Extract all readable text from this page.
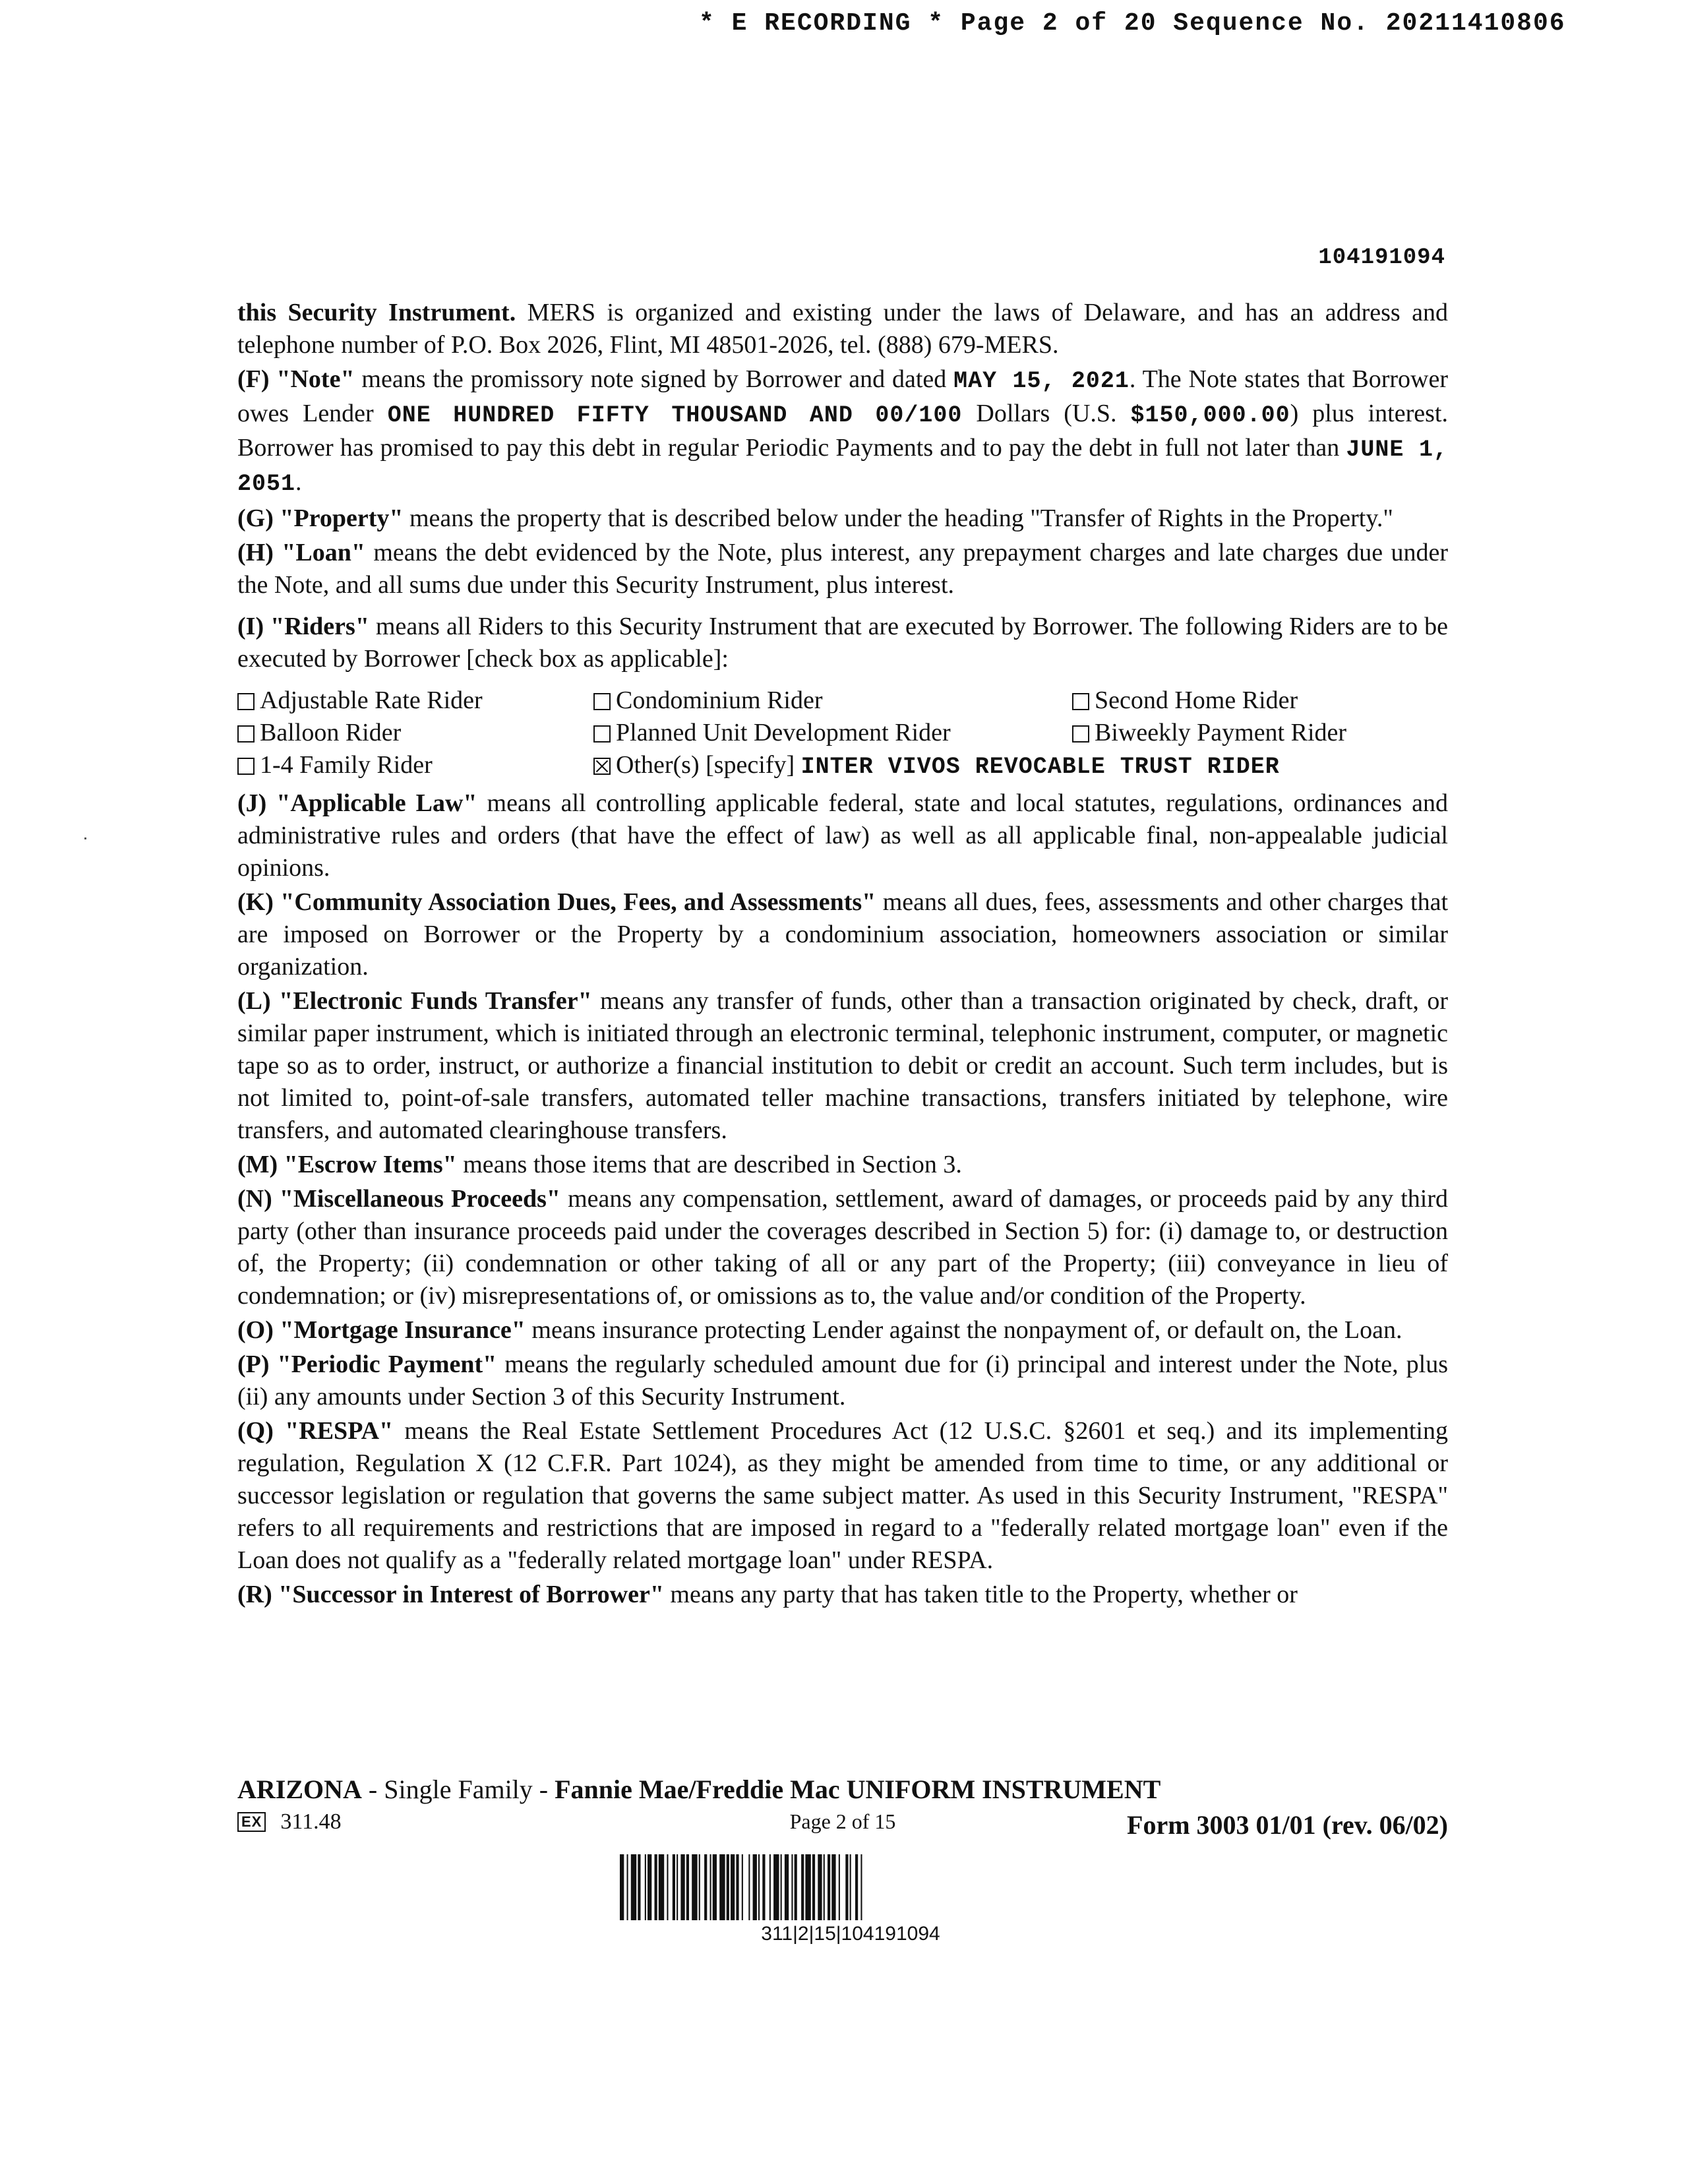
* E RECORDING * Page 2 of 20 Sequence No. 20211410806
104191094

this Security Instrument. MERS is organized and existing under the laws of Delaware, and has an address and telephone number of P.O. Box 2026, Flint, MI 48501-2026, tel. (888) 679-MERS.

(F) "Note" means the promissory note signed by Borrower and dated MAY 15, 2021. The Note states that Borrower owes Lender ONE HUNDRED FIFTY THOUSAND AND 00/100 Dollars (U.S. $150,000.00) plus interest. Borrower has promised to pay this debt in regular Periodic Payments and to pay the debt in full not later than JUNE 1, 2051.

(G) "Property" means the property that is described below under the heading "Transfer of Rights in the Property."

(H) "Loan" means the debt evidenced by the Note, plus interest, any prepayment charges and late charges due under the Note, and all sums due under this Security Instrument, plus interest.

(I) "Riders" means all Riders to this Security Instrument that are executed by Borrower. The following Riders are to be executed by Borrower [check box as applicable]:

Adjustable Rate Rider	Condominium Rider	Second Home Rider
Balloon Rider	Planned Unit Development Rider	Biweekly Payment Rider
1-4 Family Rider	Other(s) [specify] INTER VIVOS REVOCABLE TRUST RIDER

(J) "Applicable Law" means all controlling applicable federal, state and local statutes, regulations, ordinances and administrative rules and orders (that have the effect of law) as well as all applicable final, non-appealable judicial opinions.

(K) "Community Association Dues, Fees, and Assessments" means all dues, fees, assessments and other charges that are imposed on Borrower or the Property by a condominium association, homeowners association or similar organization.

(L) "Electronic Funds Transfer" means any transfer of funds, other than a transaction originated by check, draft, or similar paper instrument, which is initiated through an electronic terminal, telephonic instrument, computer, or magnetic tape so as to order, instruct, or authorize a financial institution to debit or credit an account. Such term includes, but is not limited to, point-of-sale transfers, automated teller machine transactions, transfers initiated by telephone, wire transfers, and automated clearinghouse transfers.

(M) "Escrow Items" means those items that are described in Section 3.

(N) "Miscellaneous Proceeds" means any compensation, settlement, award of damages, or proceeds paid by any third party (other than insurance proceeds paid under the coverages described in Section 5) for: (i) damage to, or destruction of, the Property; (ii) condemnation or other taking of all or any part of the Property; (iii) conveyance in lieu of condemnation; or (iv) misrepresentations of, or omissions as to, the value and/or condition of the Property.

(O) "Mortgage Insurance" means insurance protecting Lender against the nonpayment of, or default on, the Loan.

(P) "Periodic Payment" means the regularly scheduled amount due for (i) principal and interest under the Note, plus (ii) any amounts under Section 3 of this Security Instrument.

(Q) "RESPA" means the Real Estate Settlement Procedures Act (12 U.S.C. §2601 et seq.) and its implementing regulation, Regulation X (12 C.F.R. Part 1024), as they might be amended from time to time, or any additional or successor legislation or regulation that governs the same subject matter. As used in this Security Instrument, "RESPA" refers to all requirements and restrictions that are imposed in regard to a "federally related mortgage loan" even if the Loan does not qualify as a "federally related mortgage loan" under RESPA.

(R) "Successor in Interest of Borrower" means any party that has taken title to the Property, whether or

ARIZONA - Single Family - Fannie Mae/Freddie Mac UNIFORM INSTRUMENT
Page 2 of 15
EX 311.48	Form 3003 01/01 (rev. 06/02)
311|2|15|104191094
